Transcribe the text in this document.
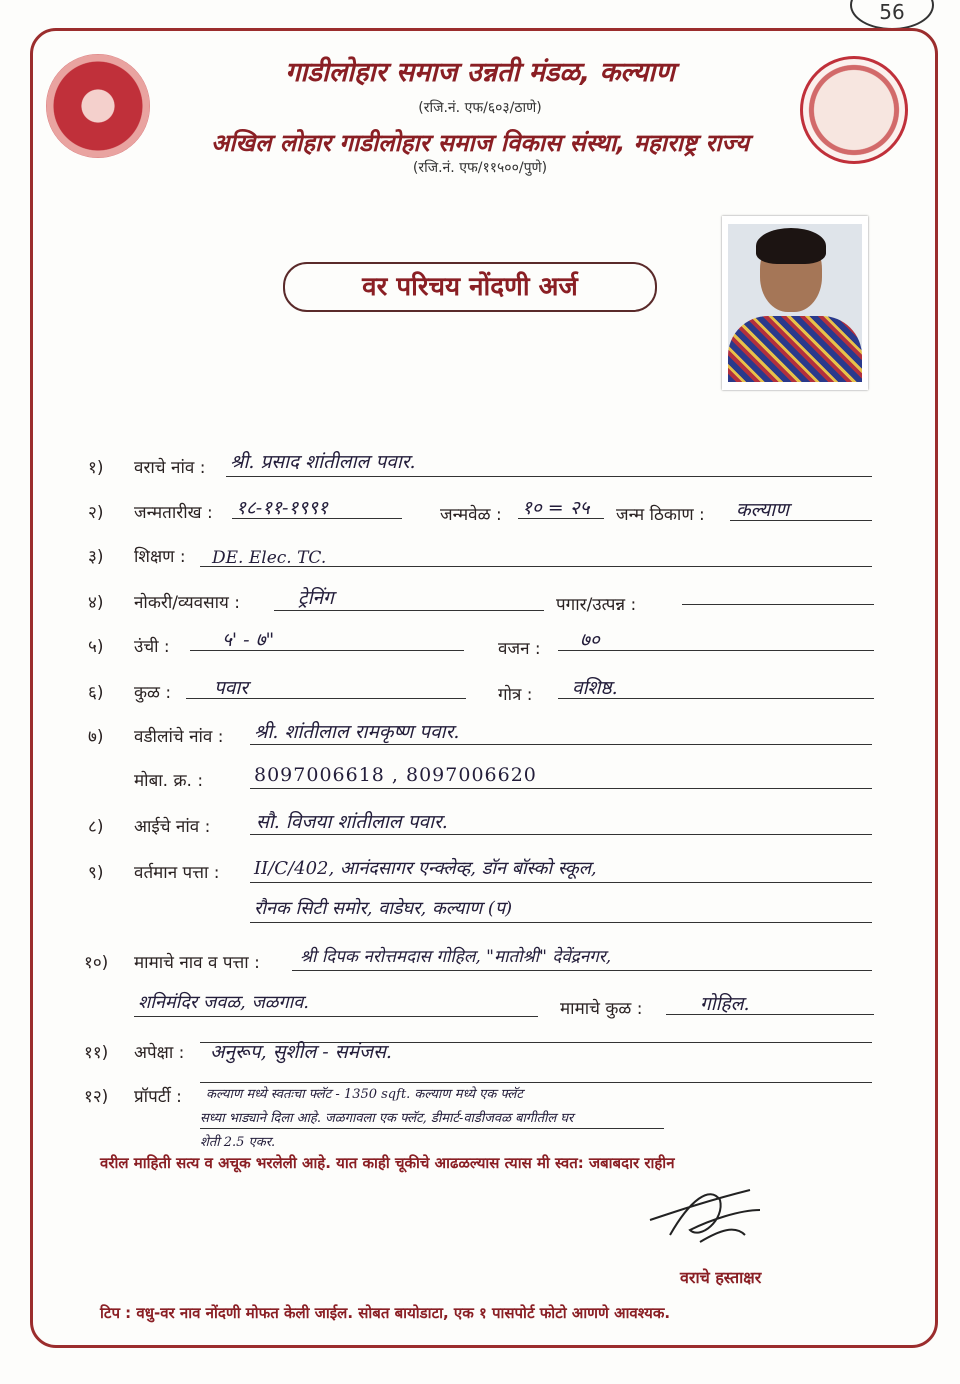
56
गाडीलोहार समाज उन्नती मंडळ, कल्याण
(रजि.नं. एफ/६०३/ठाणे)
अखिल लोहार गाडीलोहार समाज विकास संस्था, महाराष्ट्र राज्य
(रजि.नं. एफ/११५००/पुणे)
वर परिचय नोंदणी अर्ज
१) वराचे नांव : श्री. प्रसाद शांतीलाल पवार.
२) जन्मतारीख : १८-११-१९९१	जन्मवेळ : १० = २५ जन्म ठिकाण : कल्याण
३) शिक्षण : DE. Elec. TC.
४) नोकरी/व्यवसाय :	ट्रेनिंग	पगार/उत्पन्न :
५) उंची :	५' - ७"	वजन : ७०
६) कुळ : पवार	गोत्र : वशिष्ठ.
७) वडीलांचे नांव : श्री. शांतीलाल रामकृष्ण पवार.
मोबा. क्र. :	8097006618 , 8097006620
८) आईचे नांव : सौ. विजया शांतीलाल पवार.
९) वर्तमान पत्ता : II/C/402, आनंदसागर एन्क्लेव्ह, डॉन बॉस्को स्कूल,
रौनक सिटी समोर, वाडेघर, कल्याण (प)
१०) मामाचे नाव व पत्ता : श्री दिपक नरोत्तमदास गोहिल, "मातोश्री" देवेंद्रनगर,
शनिमंदिर जवळ, जळगाव.	मामाचे कुळ :	गोहिल.
११) अपेक्षा : अनुरूप, सुशील - समंजस.
१२) प्रॉपर्टी : कल्याण मध्ये स्वतःचा फ्लॅट - 1350 sqft. कल्याण मध्ये एक फ्लॅट
सध्या भाड्याने दिला आहे. जळगावला एक फ्लॅट, डीमार्ट-वाडीजवळ बागीतील घर
शेती 2.5 एकर.
वरील माहिती सत्य व अचूक भरलेली आहे. यात काही चूकीचे आढळल्यास त्यास मी स्वत: जबाबदार राहीन
वराचे हस्ताक्षर
टिप : वधु-वर नाव नोंदणी मोफत केली जाईल. सोबत बायोडाटा, एक १ पासपोर्ट फोटो आणणे आवश्यक.
